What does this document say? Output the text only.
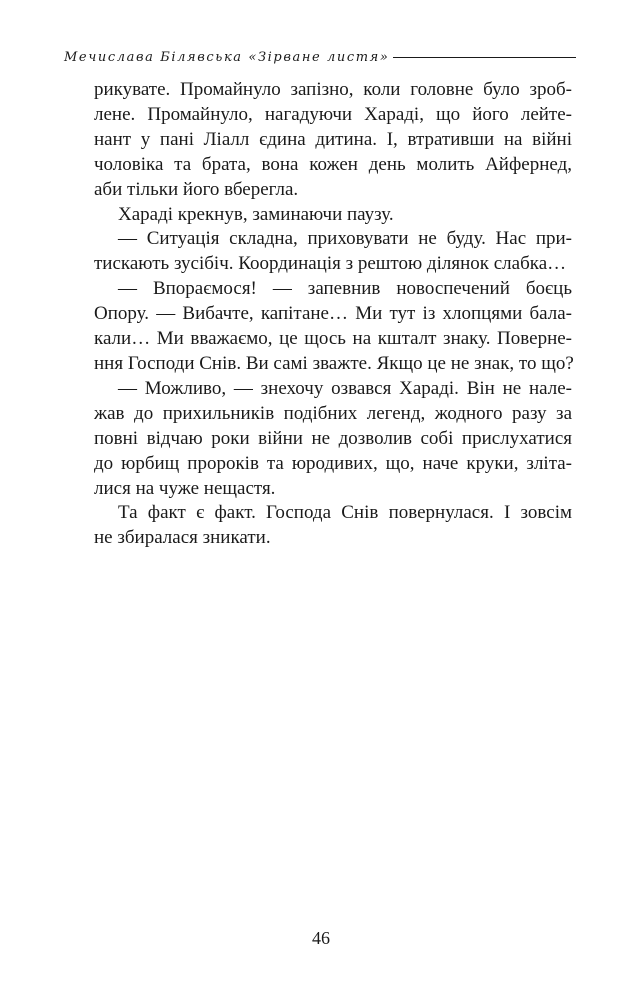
Мечиславa Білявськa «Зірвaне листя»
рикувате. Промайнуло запізно, коли головне було зроб-
лене. Промайнуло, нагадуючи Хараді, що його лейте-
нант у пані Ліалл єдина дитина. І, втративши на війні
чоловіка та брата, вона кожен день молить Айфернед,
аби тільки його вберегла.
Хараді крекнув, заминаючи паузу.
— Ситуація складна, приховувати не буду. Нас при-
тискають зусібіч. Координація з рештою ділянок слабка…
— Впораємося! — запевнив новоспечений боєць
Опору. — Вибачте, капітане… Ми тут із хлопцями бала-
кали… Ми вважаємо, це щось на кшталт знаку. Поверне-
ння Господи Снів. Ви самі зважте. Якщо це не знак, то що?
— Можливо, — знехочу озвався Хараді. Він не нале-
жав до прихильників подібних легенд, жодного разу за
повні відчаю роки війни не дозволив собі прислухатися
до юрбищ пророків та юродивих, що, наче круки, злiта-
лися на чуже нещастя.
Та факт є факт. Господа Снів повернулася. І зовсім
не збиралася зникати.
46
